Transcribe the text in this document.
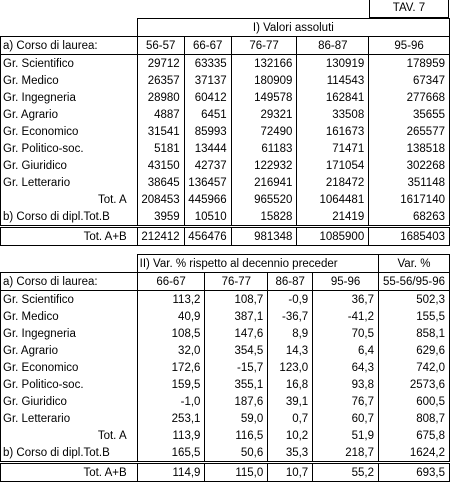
TAV. 7
	I) Valori assoluti				
a) Corso di laurea:	56-57	66-67	76-77	86-87	95-96
Gr. Scientifico	29712	63335	132166	130919	178959
Gr. Medico	26357	37137	180909	114543	67347
Gr. Ingegneria	28980	60412	149578	162841	277668
Gr. Agrario	4887	6451	29321	33508	35655
Gr. Economico	31541	85993	72490	161673	265577
Gr. Politico-soc.	5181	13444	61183	71471	138518
Gr. Giuridico	43150	42737	122932	171054	302268
Gr. Letterario	38645	136457	216941	218472	351148
Tot. A	208453	445966	965520	1064481	1617140
b) Corso di dipl.Tot.B	3959	10510	15828	21419	68263
Tot. A+B	212412	456476	981348	1085900	1685403
	II) Var. % rispetto al decennio preceder				Var. %
a) Corso di laurea:	66-67	76-77	86-87	95-96	55-56/95-96
Gr. Scientifico	113,2	108,7	-0,9	36,7	502,3
Gr. Medico	40,9	387,1	-36,7	-41,2	155,5
Gr. Ingegneria	108,5	147,6	8,9	70,5	858,1
Gr. Agrario	32,0	354,5	14,3	6,4	629,6
Gr. Economico	172,6	-15,7	123,0	64,3	742,0
Gr. Politico-soc.	159,5	355,1	16,8	93,8	2573,6
Gr. Giuridico	-1,0	187,6	39,1	76,7	600,5
Gr. Letterario	253,1	59,0	0,7	60,7	808,7
Tot. A	113,9	116,5	10,2	51,9	675,8
b) Corso di dipl.Tot.B	165,5	50,6	35,3	218,7	1624,2
Tot. A+B	114,9	115,0	10,7	55,2	693,5
